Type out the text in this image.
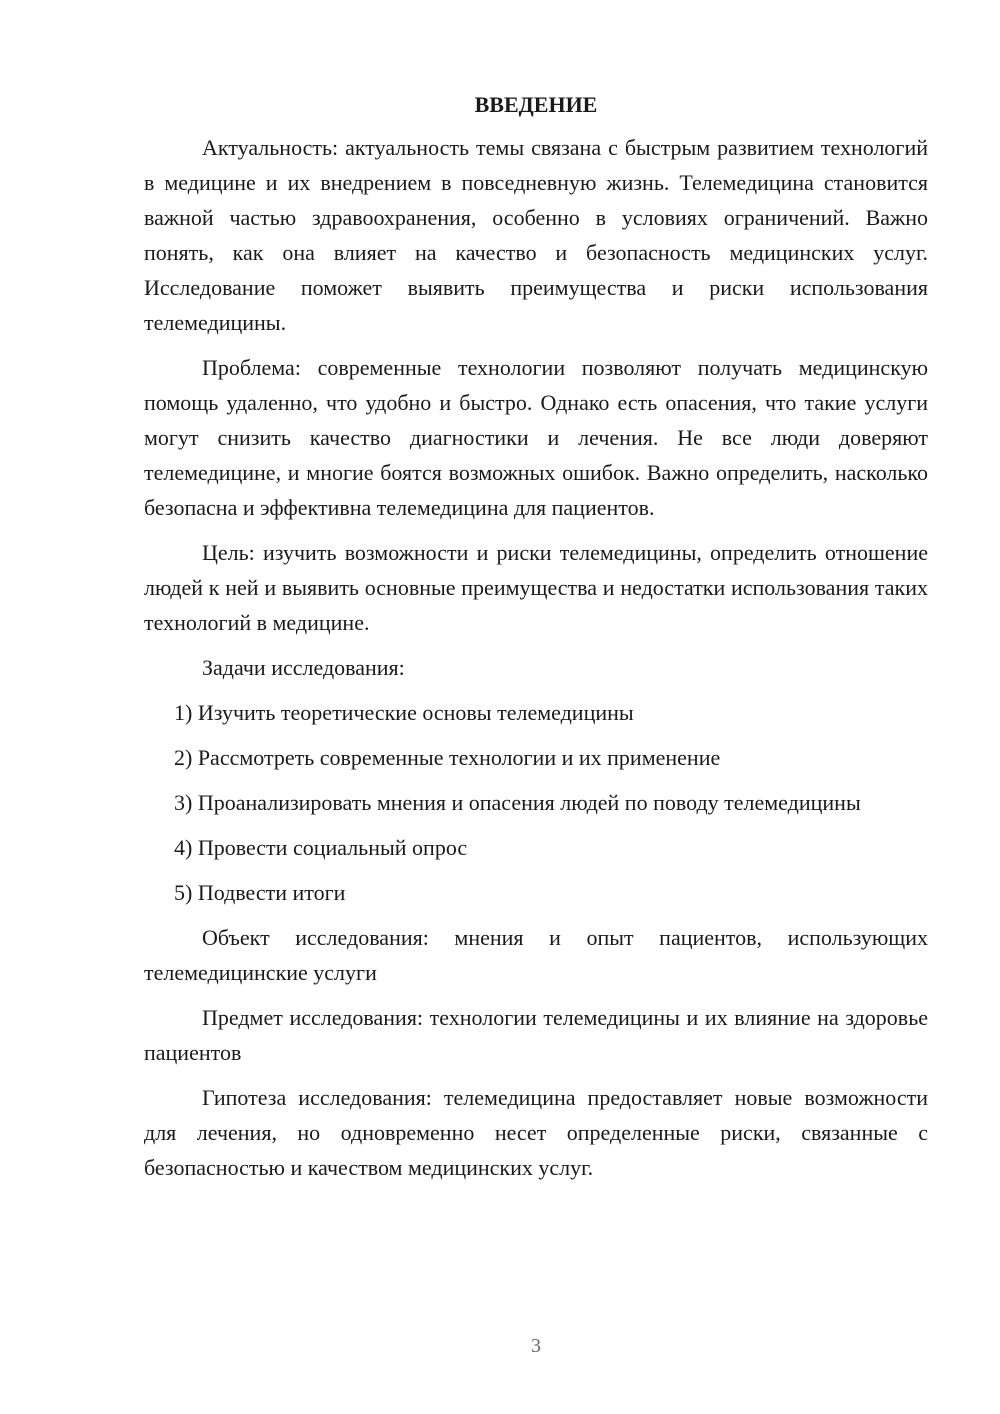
ВВЕДЕНИЕ

Актуальность: актуальность темы связана с быстрым развитием технологий в медицине и их внедрением в повседневную жизнь. Телемедицина становится важной частью здравоохранения, особенно в условиях ограничений. Важно понять, как она влияет на качество и безопасность медицинских услуг. Исследование поможет выявить преимущества и риски использования телемедицины.

Проблема: современные технологии позволяют получать медицинскую помощь удаленно, что удобно и быстро. Однако есть опасения, что такие услуги могут снизить качество диагностики и лечения. Не все люди доверяют телемедицине, и многие боятся возможных ошибок. Важно определить, насколько безопасна и эффективна телемедицина для пациентов.

Цель: изучить возможности и риски телемедицины, определить отношение людей к ней и выявить основные преимущества и недостатки использования таких технологий в медицине.

Задачи исследования:

1) Изучить теоретические основы телемедицины

2) Рассмотреть современные технологии и их применение

3) Проанализировать мнения и опасения людей по поводу телемедицины

4) Провести социальный опрос

5) Подвести итоги

Объект исследования: мнения и опыт пациентов, использующих телемедицинские услуги

Предмет исследования: технологии телемедицины и их влияние на здоровье пациентов

Гипотеза исследования: телемедицина предоставляет новые возможности для лечения, но одновременно несет определенные риски, связанные с безопасностью и качеством медицинских услуг.

3
